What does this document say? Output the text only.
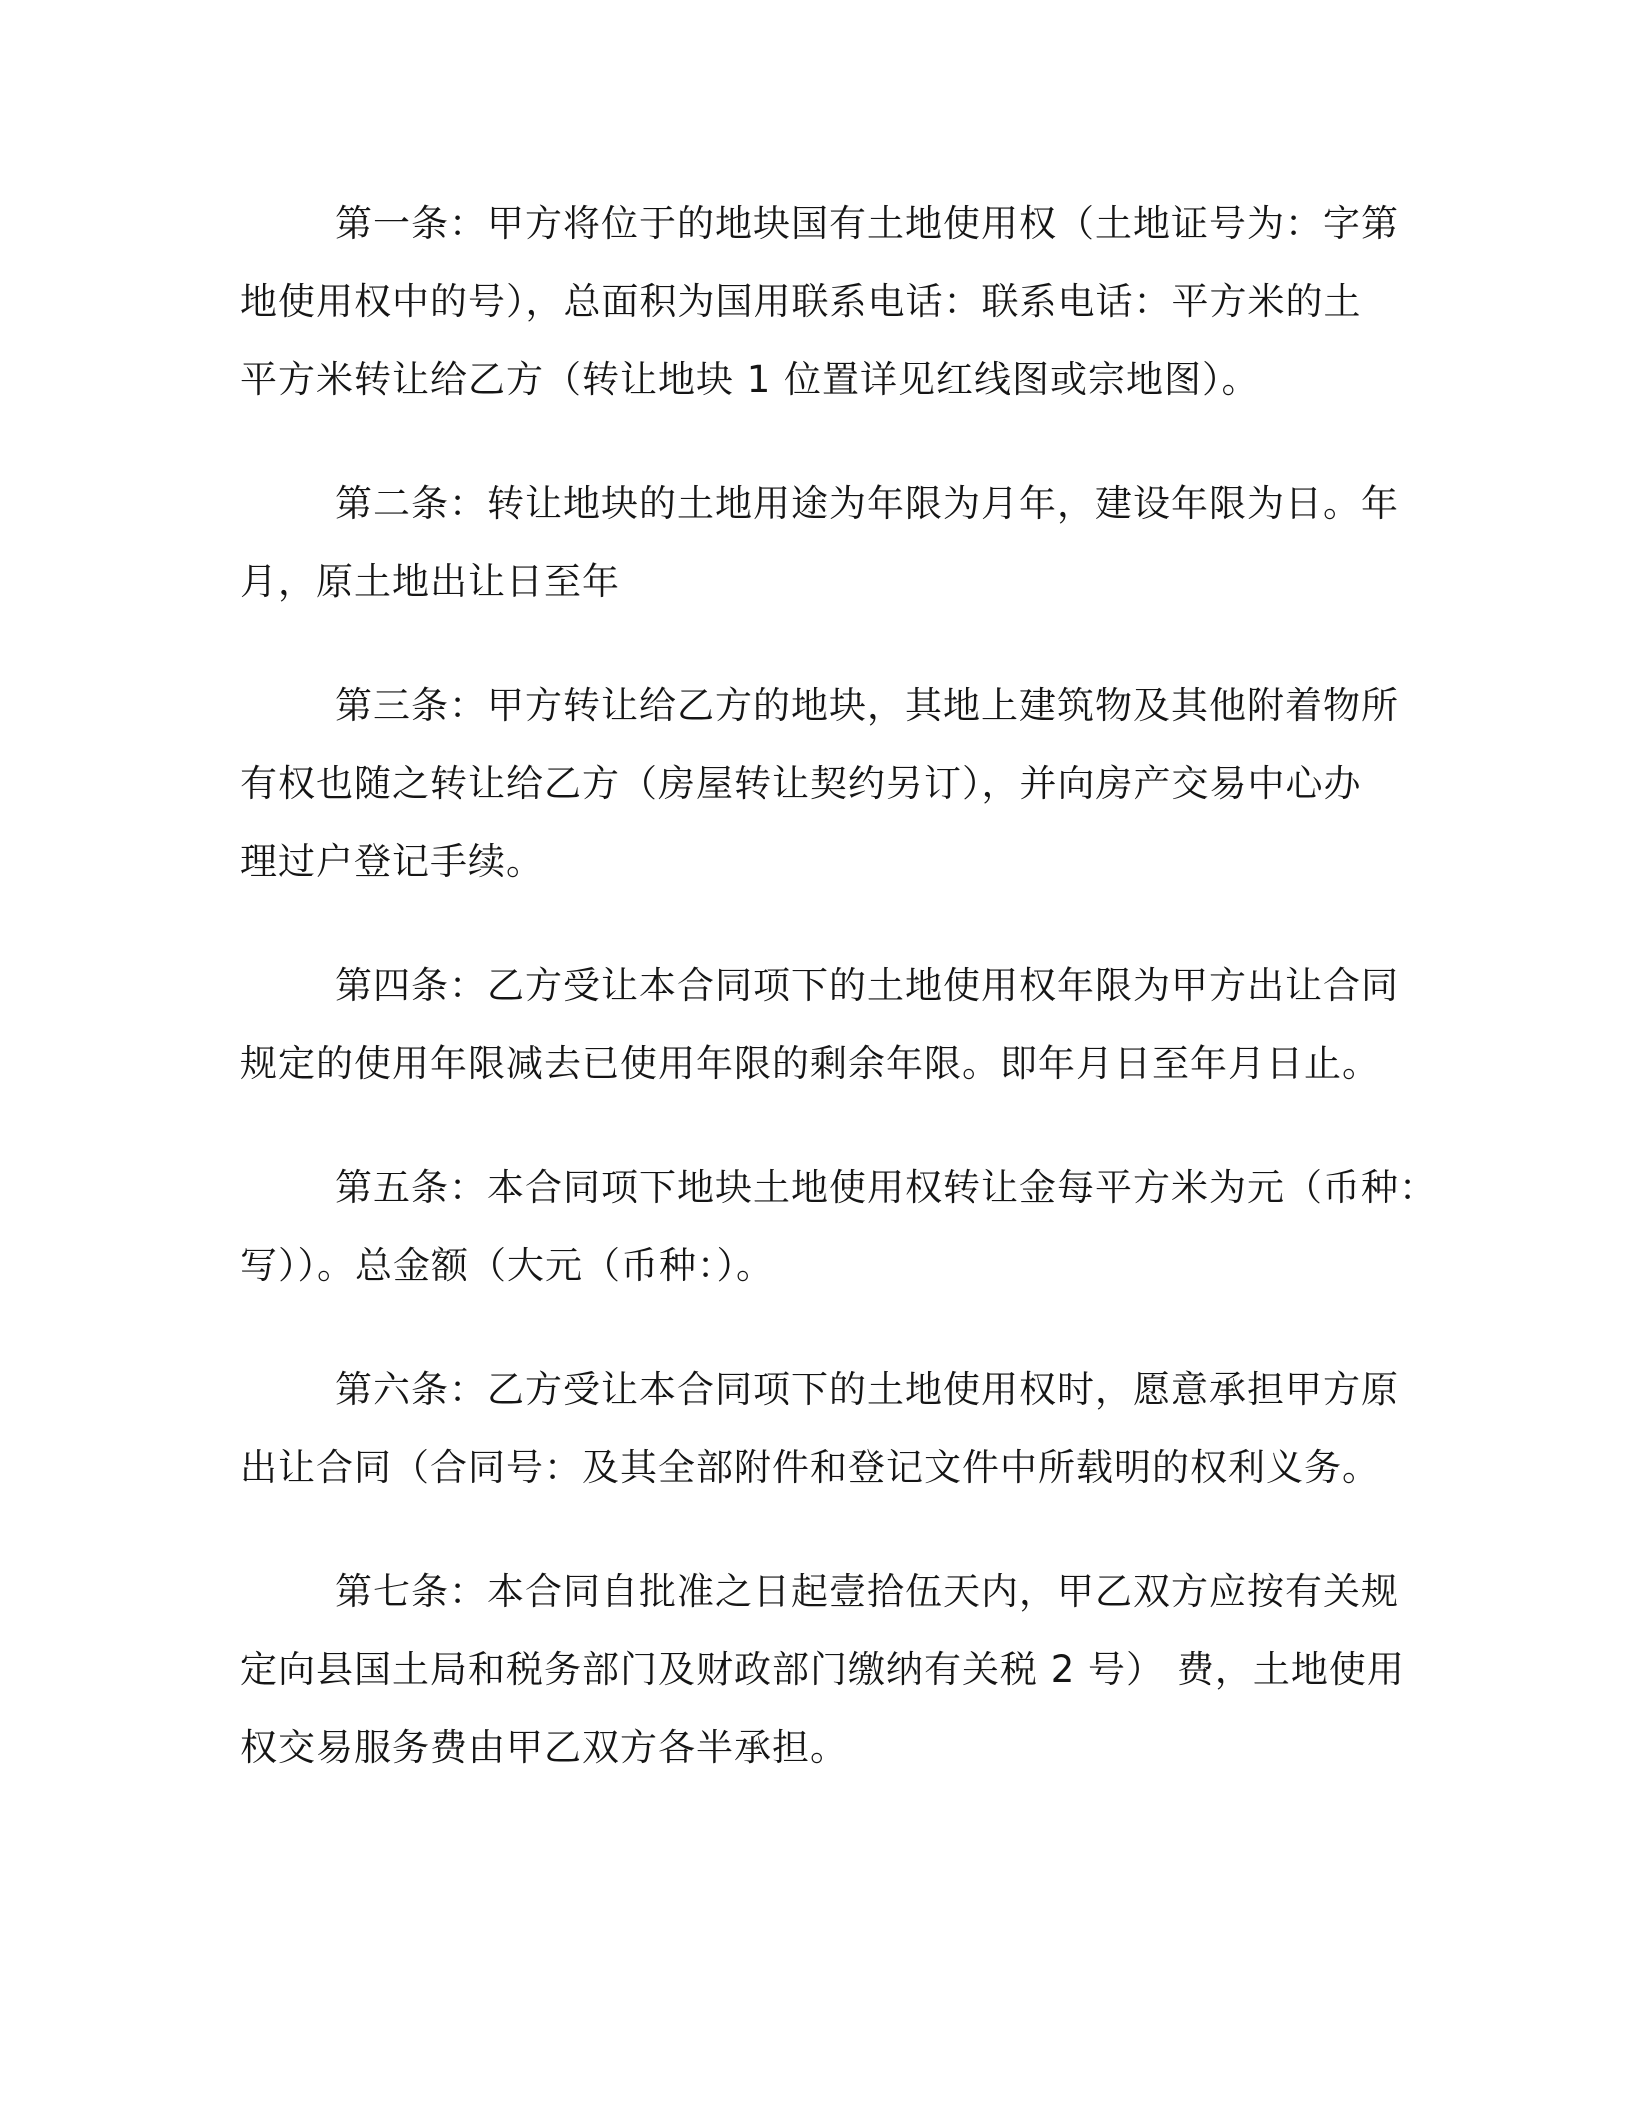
第一条：甲方将位于的地块国有土地使用权（土地证号为：字第
地使用权中的号），总面积为国用联系电话：联系电话：平方米的土
平方米转让给乙方（转让地块 1 位置详见红线图或宗地图）。
第二条：转让地块的土地用途为年限为月年，建设年限为日。年
月，原土地出让日至年
第三条：甲方转让给乙方的地块，其地上建筑物及其他附着物所
有权也随之转让给乙方（房屋转让契约另订），并向房产交易中心办
理过户登记手续。
第四条：乙方受让本合同项下的土地使用权年限为甲方出让合同
规定的使用年限减去已使用年限的剩余年限。即年月日至年月日止。
第五条：本合同项下地块土地使用权转让金每平方米为元（币种：
写））。总金额（大元（币种：）。
第六条：乙方受让本合同项下的土地使用权时，愿意承担甲方原
出让合同（合同号：及其全部附件和登记文件中所载明的权利义务。
第七条：本合同自批准之日起壹拾伍天内，甲乙双方应按有关规
定向县国土局和税务部门及财政部门缴纳有关税 2 号） 费，土地使用
权交易服务费由甲乙双方各半承担。
